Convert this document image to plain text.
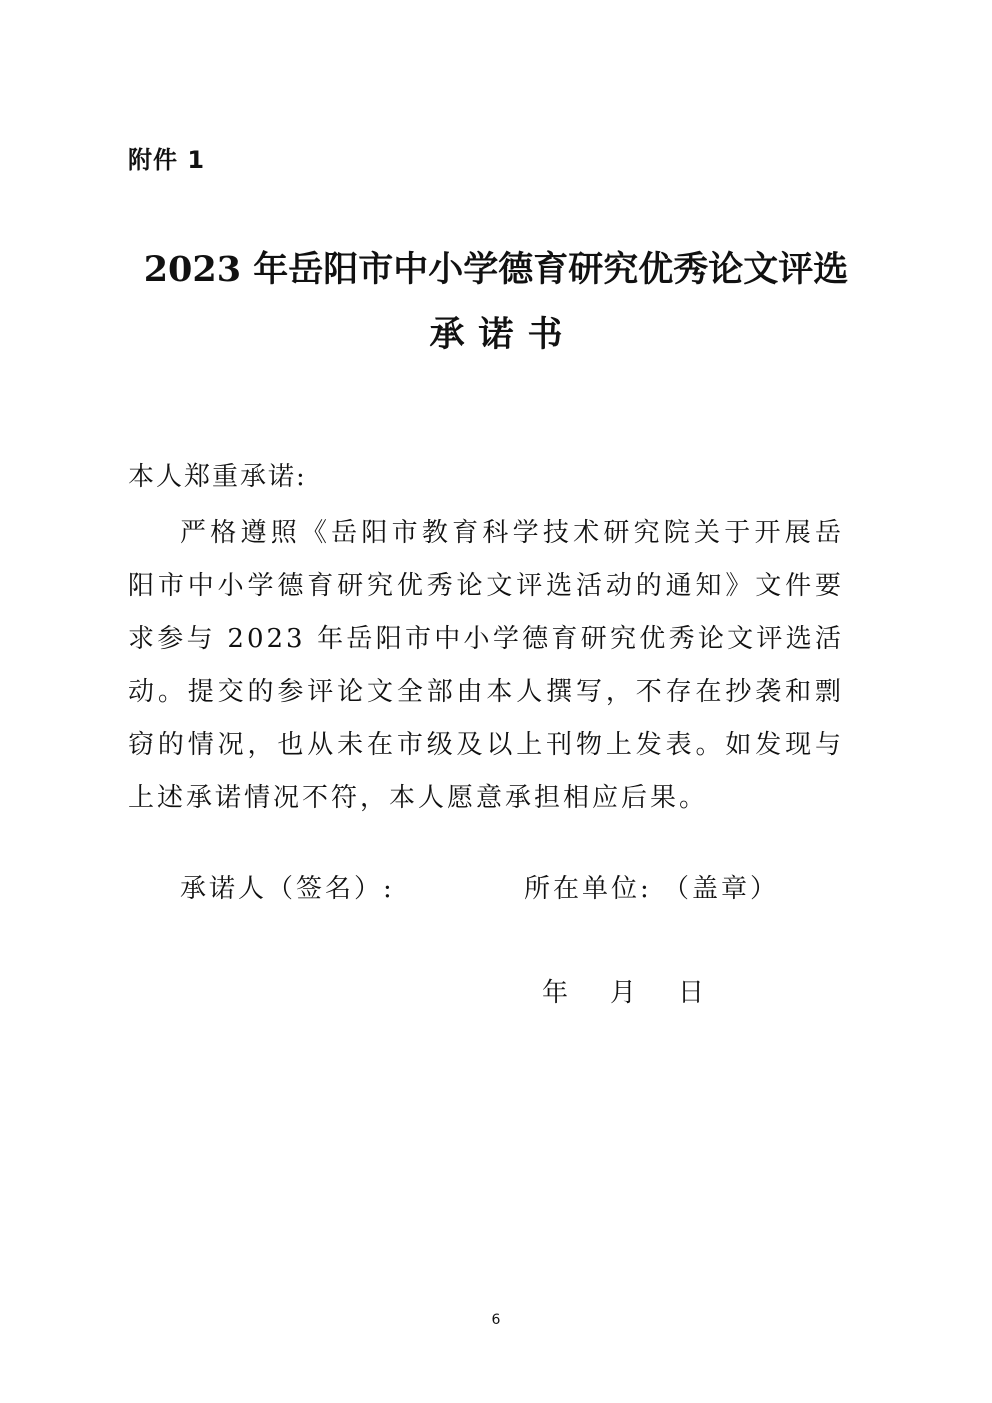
附件 1
2023 年岳阳市中小学德育研究优秀论文评选
承诺书
本人郑重承诺:
严格遵照《岳阳市教育科学技术研究院关于开展岳阳市中小学德育研究优秀论文评选活动的通知》文件要求参与 2023 年岳阳市中小学德育研究优秀论文评选活动。提交的参评论文全部由本人撰写，不存在抄袭和剽窃的情况，也从未在市级及以上刊物上发表。如发现与上述承诺情况不符，本人愿意承担相应后果。
承诺人（签名）:	所在单位: （盖章）
年 月 日
6
